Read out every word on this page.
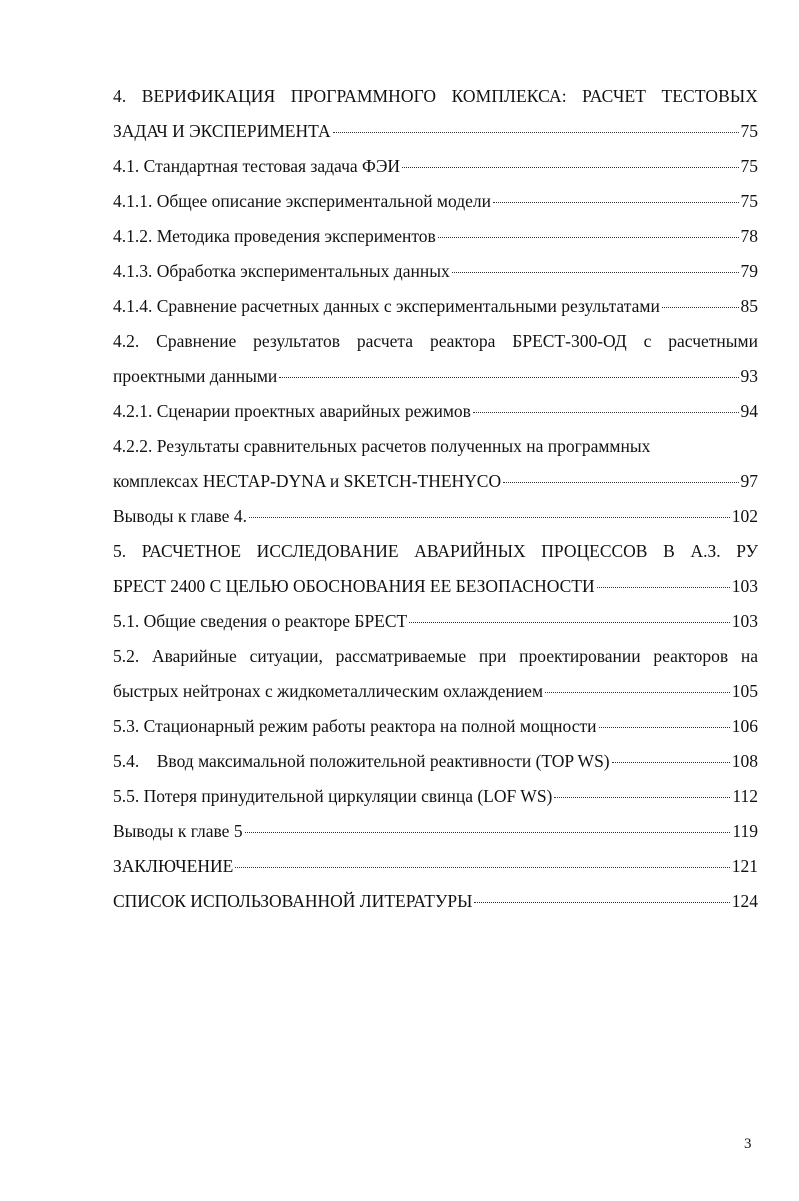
4. ВЕРИФИКАЦИЯ ПРОГРАММНОГО КОМПЛЕКСА: РАСЧЕТ ТЕСТОВЫХ
ЗАДАЧ И ЭКСПЕРИМЕНТА	75
4.1. Стандартная тестовая задача ФЭИ	75
4.1.1. Общее описание экспериментальной модели	75
4.1.2. Методика проведения экспериментов	78
4.1.3. Обработка экспериментальных данных	79
4.1.4. Сравнение расчетных данных с экспериментальными результатами	85
4.2. Сравнение результатов расчета реактора БРЕСТ-300-ОД с расчетными
проектными данными	93
4.2.1. Сценарии проектных аварийных режимов	94
4.2.2. Результаты сравнительных расчетов полученных на программных
комплексах НЕСТАР-DYNA и SKETCH-THEHYCO	97
Выводы к главе 4.	102
5. РАСЧЕТНОЕ ИССЛЕДОВАНИЕ АВАРИЙНЫХ ПРОЦЕССОВ В А.З. РУ
БРЕСТ 2400 С ЦЕЛЬЮ ОБОСНОВАНИЯ ЕЕ БЕЗОПАСНОСТИ	103
5.1. Общие сведения о реакторе БРЕСТ	103
5.2. Аварийные ситуации, рассматриваемые при проектировании реакторов на
быстрых нейтронах с жидкометаллическим охлаждением	105
5.3. Стационарный режим работы реактора на полной мощности	106
5.4.    Ввод максимальной положительной реактивности (TOP WS)	108
5.5. Потеря принудительной циркуляции свинца (LOF WS)	112
Выводы к главе 5	119
ЗАКЛЮЧЕНИЕ	121
СПИСОК ИСПОЛЬЗОВАННОЙ ЛИТЕРАТУРЫ	124
3
